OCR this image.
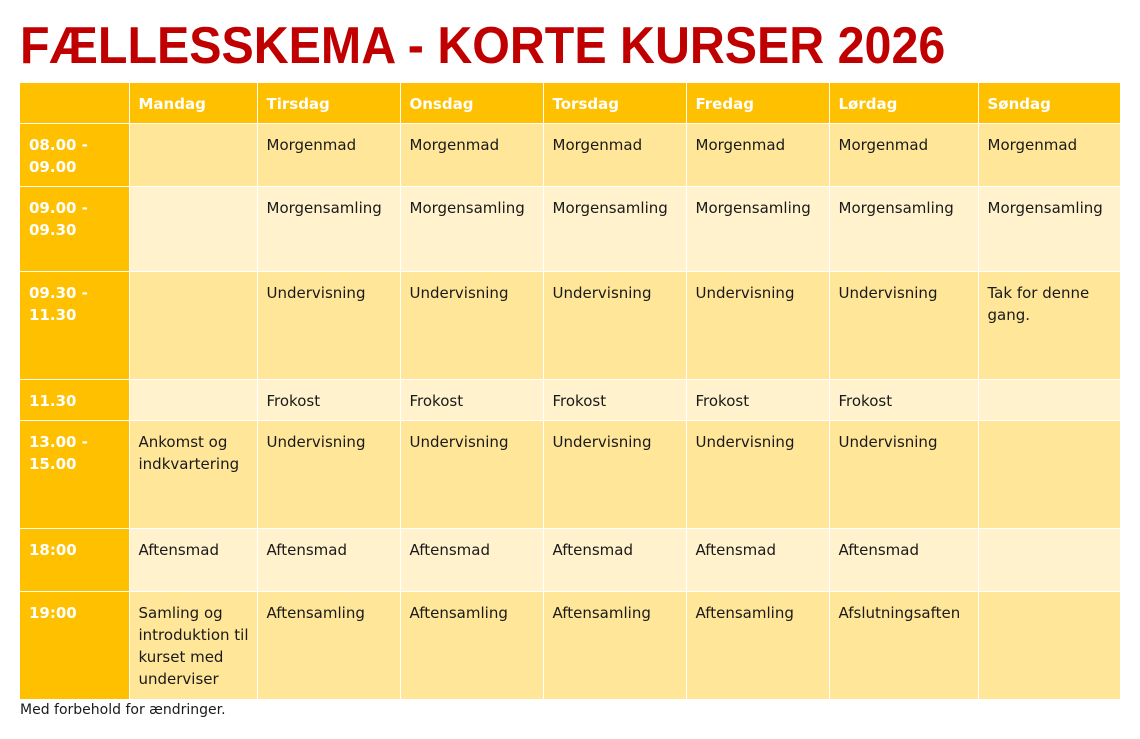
FÆLLESSKEMA - KORTE KURSER 2026
	Mandag	Tirsdag	Onsdag	Torsdag	Fredag	Lørdag	Søndag
08.00 -
09.00		Morgenmad	Morgenmad	Morgenmad	Morgenmad	Morgenmad	Morgenmad
09.00 -
09.30		Morgensamling	Morgensamling	Morgensamling	Morgensamling	Morgensamling	Morgensamling
09.30 -
11.30		Undervisning	Undervisning	Undervisning	Undervisning	Undervisning	Tak for denne gang.
11.30		Frokost	Frokost	Frokost	Frokost	Frokost	
13.00 -
15.00	Ankomst og indkvartering	Undervisning	Undervisning	Undervisning	Undervisning	Undervisning	
18:00	Aftensmad	Aftensmad	Aftensmad	Aftensmad	Aftensmad	Aftensmad	
19:00	Samling og introduktion til kurset med underviser	Aftensamling	Aftensamling	Aftensamling	Aftensamling	Afslutningsaften	
Med forbehold for ændringer.
